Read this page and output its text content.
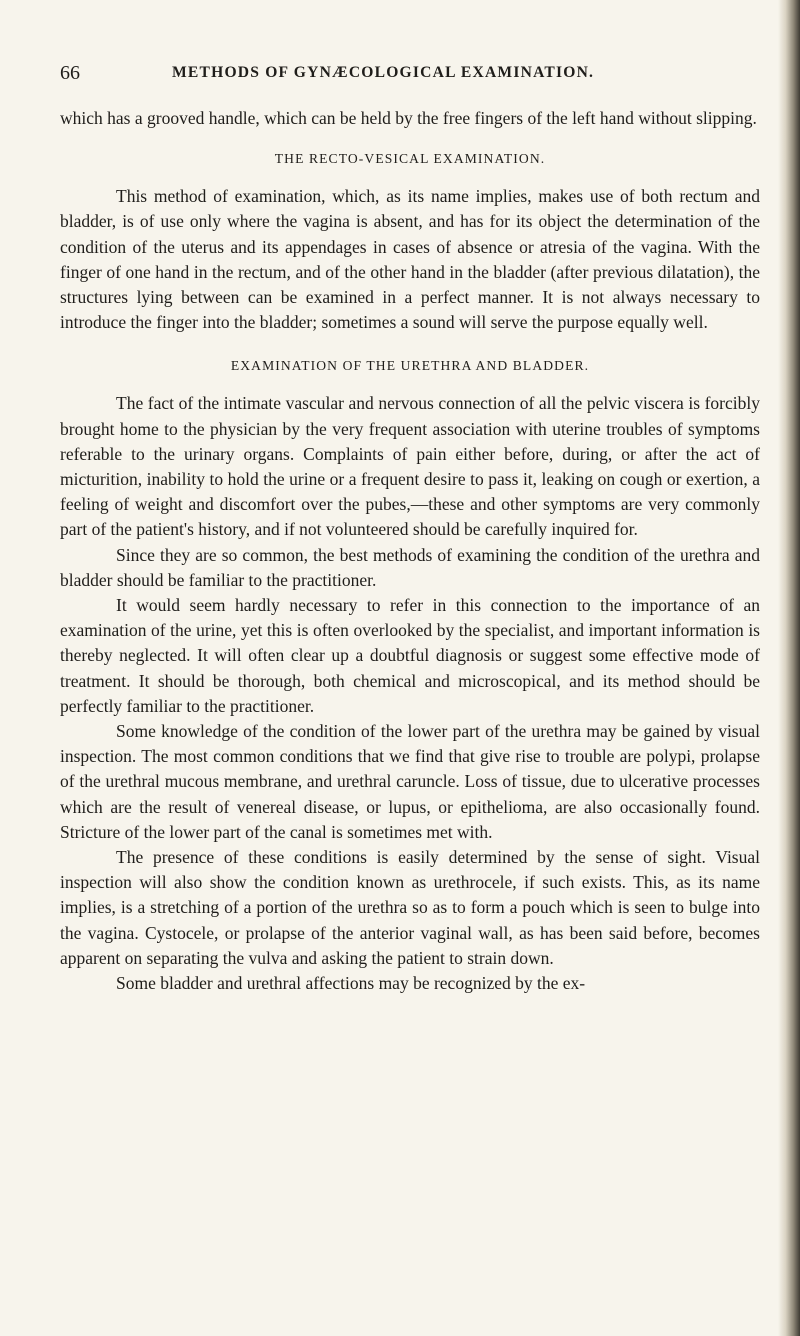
66	METHODS OF GYNÆCOLOGICAL EXAMINATION.

which has a grooved handle, which can be held by the free fingers of the left hand without slipping.

THE RECTO-VESICAL EXAMINATION.

This method of examination, which, as its name implies, makes use of both rectum and bladder, is of use only where the vagina is absent, and has for its object the determination of the condition of the uterus and its appendages in cases of absence or atresia of the vagina. With the finger of one hand in the rectum, and of the other hand in the bladder (after previous dilatation), the structures lying between can be examined in a perfect manner. It is not always necessary to introduce the finger into the bladder; sometimes a sound will serve the purpose equally well.

EXAMINATION OF THE URETHRA AND BLADDER.

The fact of the intimate vascular and nervous connection of all the pelvic viscera is forcibly brought home to the physician by the very frequent association with uterine troubles of symptoms referable to the urinary organs. Complaints of pain either before, during, or after the act of micturition, inability to hold the urine or a frequent desire to pass it, leaking on cough or exertion, a feeling of weight and discomfort over the pubes,—these and other symptoms are very commonly part of the patient's history, and if not volunteered should be carefully inquired for.

Since they are so common, the best methods of examining the condition of the urethra and bladder should be familiar to the practitioner.

It would seem hardly necessary to refer in this connection to the importance of an examination of the urine, yet this is often overlooked by the specialist, and important information is thereby neglected. It will often clear up a doubtful diagnosis or suggest some effective mode of treatment. It should be thorough, both chemical and microscopical, and its method should be perfectly familiar to the practitioner.

Some knowledge of the condition of the lower part of the urethra may be gained by visual inspection. The most common conditions that we find that give rise to trouble are polypi, prolapse of the urethral mucous membrane, and urethral caruncle. Loss of tissue, due to ulcerative processes which are the result of venereal disease, or lupus, or epithelioma, are also occasionally found. Stricture of the lower part of the canal is sometimes met with.

The presence of these conditions is easily determined by the sense of sight. Visual inspection will also show the condition known as urethrocele, if such exists. This, as its name implies, is a stretching of a portion of the urethra so as to form a pouch which is seen to bulge into the vagina. Cystocele, or prolapse of the anterior vaginal wall, as has been said before, becomes apparent on separating the vulva and asking the patient to strain down.

Some bladder and urethral affections may be recognized by the ex-
